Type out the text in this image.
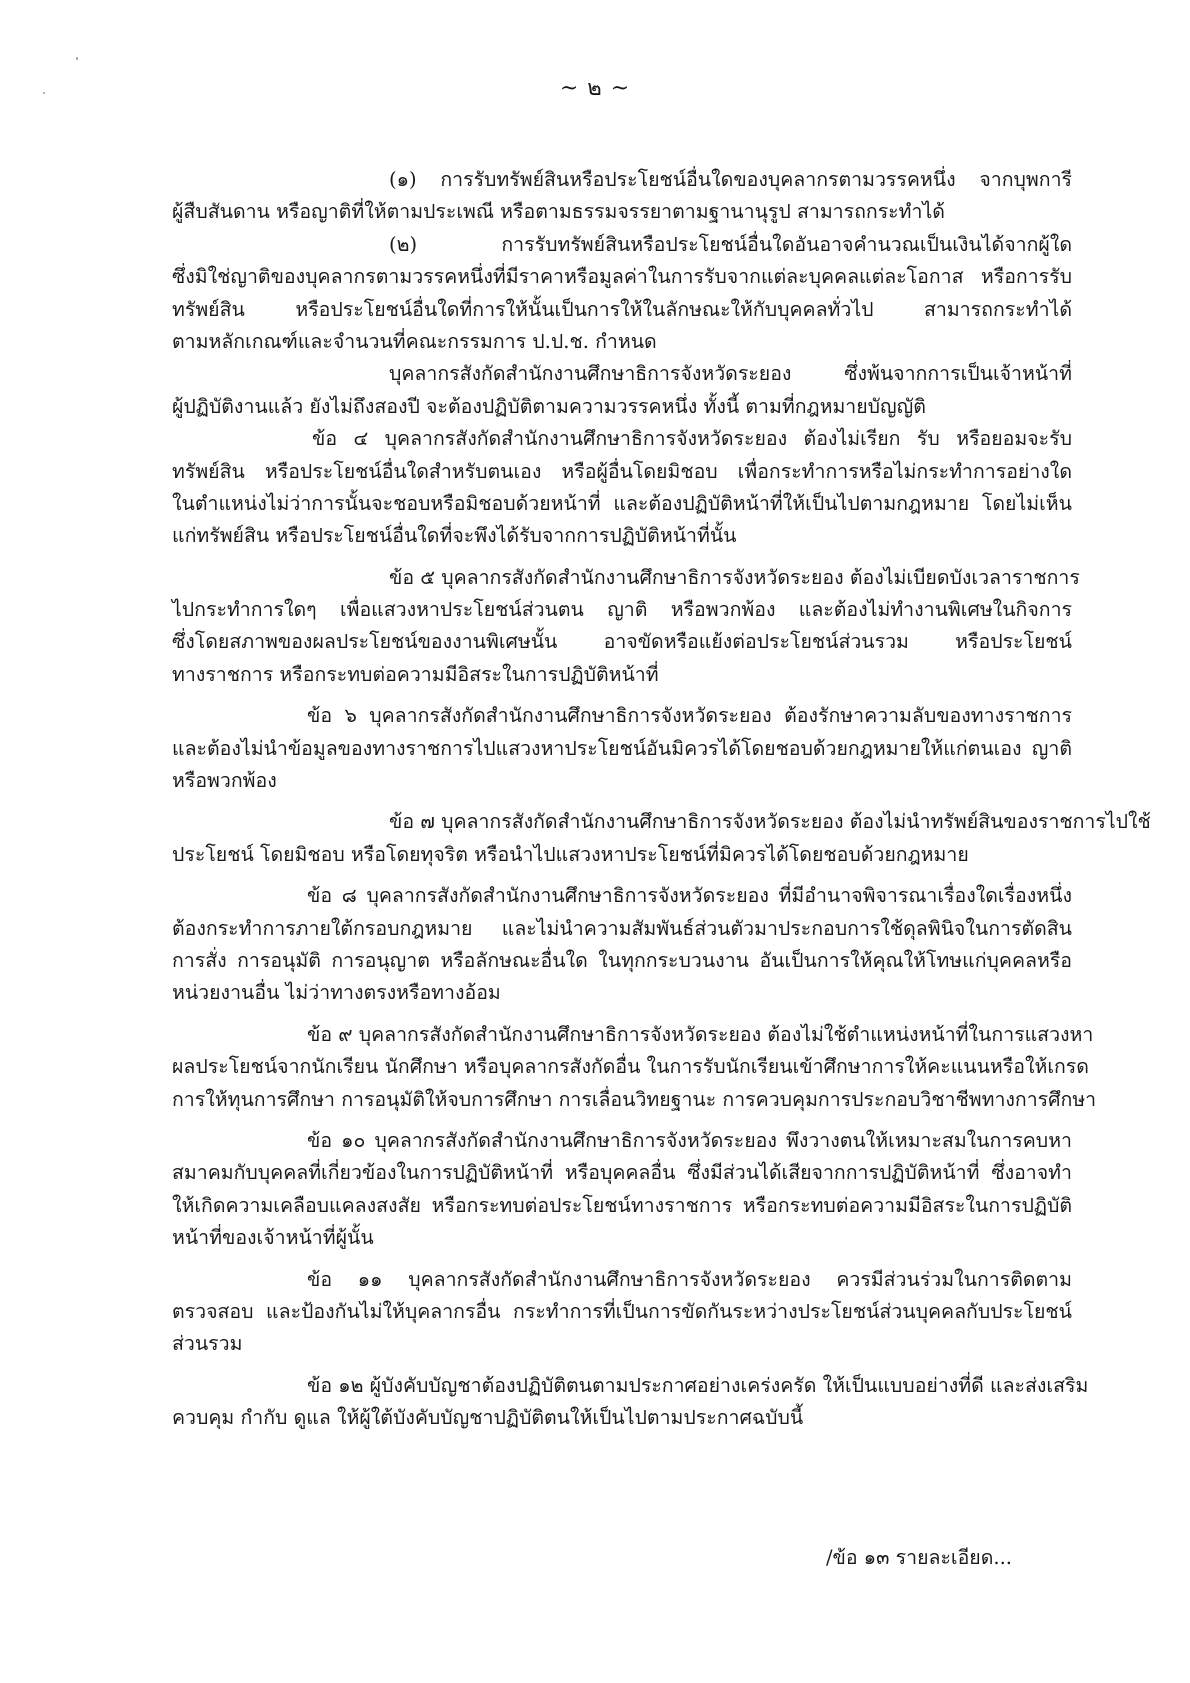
~ ๒ ~
(๑) การรับทรัพย์สินหรือประโยชน์อื่นใดของบุคลากรตามวรรคหนึ่ง จากบุพการี
ผู้สืบสันดาน หรือญาติที่ให้ตามประเพณี หรือตามธรรมจรรยาตามฐานานุรูป สามารถกระทำได้
(๒) การรับทรัพย์สินหรือประโยชน์อื่นใดอันอาจคำนวณเป็นเงินได้จากผู้ใด
ซึ่งมิใช่ญาติของบุคลากรตามวรรคหนึ่งที่มีราคาหรือมูลค่าในการรับจากแต่ละบุคคลแต่ละโอกาส หรือการรับ
ทรัพย์สิน หรือประโยชน์อื่นใดที่การให้นั้นเป็นการให้ในลักษณะให้กับบุคคลทั่วไป สามารถกระทำได้
ตามหลักเกณฑ์และจำนวนที่คณะกรรมการ ป.ป.ช. กำหนด
บุคลากรสังกัดสำนักงานศึกษาธิการจังหวัดระยอง ซึ่งพ้นจากการเป็นเจ้าหน้าที่
ผู้ปฏิบัติงานแล้ว ยังไม่ถึงสองปี จะต้องปฏิบัติตามความวรรคหนึ่ง ทั้งนี้ ตามที่กฎหมายบัญญัติ
ข้อ ๔ บุคลากรสังกัดสำนักงานศึกษาธิการจังหวัดระยอง ต้องไม่เรียก รับ หรือยอมจะรับ
ทรัพย์สิน หรือประโยชน์อื่นใดสำหรับตนเอง หรือผู้อื่นโดยมิชอบ เพื่อกระทำการหรือไม่กระทำการอย่างใด
ในตำแหน่งไม่ว่าการนั้นจะชอบหรือมิชอบด้วยหน้าที่ และต้องปฏิบัติหน้าที่ให้เป็นไปตามกฎหมาย โดยไม่เห็น
แก่ทรัพย์สิน หรือประโยชน์อื่นใดที่จะพึงได้รับจากการปฏิบัติหน้าที่นั้น
ข้อ ๕ บุคลากรสังกัดสำนักงานศึกษาธิการจังหวัดระยอง ต้องไม่เบียดบังเวลาราชการ
ไปกระทำการใดๆ เพื่อแสวงหาประโยชน์ส่วนตน ญาติ หรือพวกพ้อง และต้องไม่ทำงานพิเศษในกิจการ
ซึ่งโดยสภาพของผลประโยชน์ของงานพิเศษนั้น อาจขัดหรือแย้งต่อประโยชน์ส่วนรวม หรือประโยชน์
ทางราชการ หรือกระทบต่อความมีอิสระในการปฏิบัติหน้าที่
ข้อ ๖ บุคลากรสังกัดสำนักงานศึกษาธิการจังหวัดระยอง ต้องรักษาความลับของทางราชการ
และต้องไม่นำข้อมูลของทางราชการไปแสวงหาประโยชน์อันมิควรได้โดยชอบด้วยกฎหมายให้แก่ตนเอง ญาติ
หรือพวกพ้อง
ข้อ ๗ บุคลากรสังกัดสำนักงานศึกษาธิการจังหวัดระยอง ต้องไม่นำทรัพย์สินของราชการไปใช้
ประโยชน์ โดยมิชอบ หรือโดยทุจริต หรือนำไปแสวงหาประโยชน์ที่มิควรได้โดยชอบด้วยกฎหมาย
ข้อ ๘ บุคลากรสังกัดสำนักงานศึกษาธิการจังหวัดระยอง ที่มีอำนาจพิจารณาเรื่องใดเรื่องหนึ่ง
ต้องกระทำการภายใต้กรอบกฎหมาย และไม่นำความสัมพันธ์ส่วนตัวมาประกอบการใช้ดุลพินิจในการตัดสิน
การสั่ง การอนุมัติ การอนุญาต หรือลักษณะอื่นใด ในทุกกระบวนงาน อันเป็นการให้คุณให้โทษแก่บุคคลหรือ
หน่วยงานอื่น ไม่ว่าทางตรงหรือทางอ้อม
ข้อ ๙ บุคลากรสังกัดสำนักงานศึกษาธิการจังหวัดระยอง ต้องไม่ใช้ตำแหน่งหน้าที่ในการแสวงหา
ผลประโยชน์จากนักเรียน นักศึกษา หรือบุคลากรสังกัดอื่น ในการรับนักเรียนเข้าศึกษาการให้คะแนนหรือให้เกรด
การให้ทุนการศึกษา การอนุมัติให้จบการศึกษา การเลื่อนวิทยฐานะ การควบคุมการประกอบวิชาชีพทางการศึกษา
ข้อ ๑๐ บุคลากรสังกัดสำนักงานศึกษาธิการจังหวัดระยอง พึงวางตนให้เหมาะสมในการคบหา
สมาคมกับบุคคลที่เกี่ยวข้องในการปฏิบัติหน้าที่ หรือบุคคลอื่น ซึ่งมีส่วนได้เสียจากการปฏิบัติหน้าที่ ซึ่งอาจทำ
ให้เกิดความเคลือบแคลงสงสัย หรือกระทบต่อประโยชน์ทางราชการ หรือกระทบต่อความมีอิสระในการปฏิบัติ
หน้าที่ของเจ้าหน้าที่ผู้นั้น
ข้อ ๑๑ บุคลากรสังกัดสำนักงานศึกษาธิการจังหวัดระยอง ควรมีส่วนร่วมในการติดตาม
ตรวจสอบ และป้องกันไม่ให้บุคลากรอื่น กระทำการที่เป็นการขัดกันระหว่างประโยชน์ส่วนบุคคลกับประโยชน์
ส่วนรวม
ข้อ ๑๒ ผู้บังคับบัญชาต้องปฏิบัติตนตามประกาศอย่างเคร่งครัด ให้เป็นแบบอย่างที่ดี และส่งเสริม
ควบคุม กำกับ ดูแล ให้ผู้ใต้บังคับบัญชาปฏิบัติตนให้เป็นไปตามประกาศฉบับนี้
/ข้อ ๑๓ รายละเอียด...
